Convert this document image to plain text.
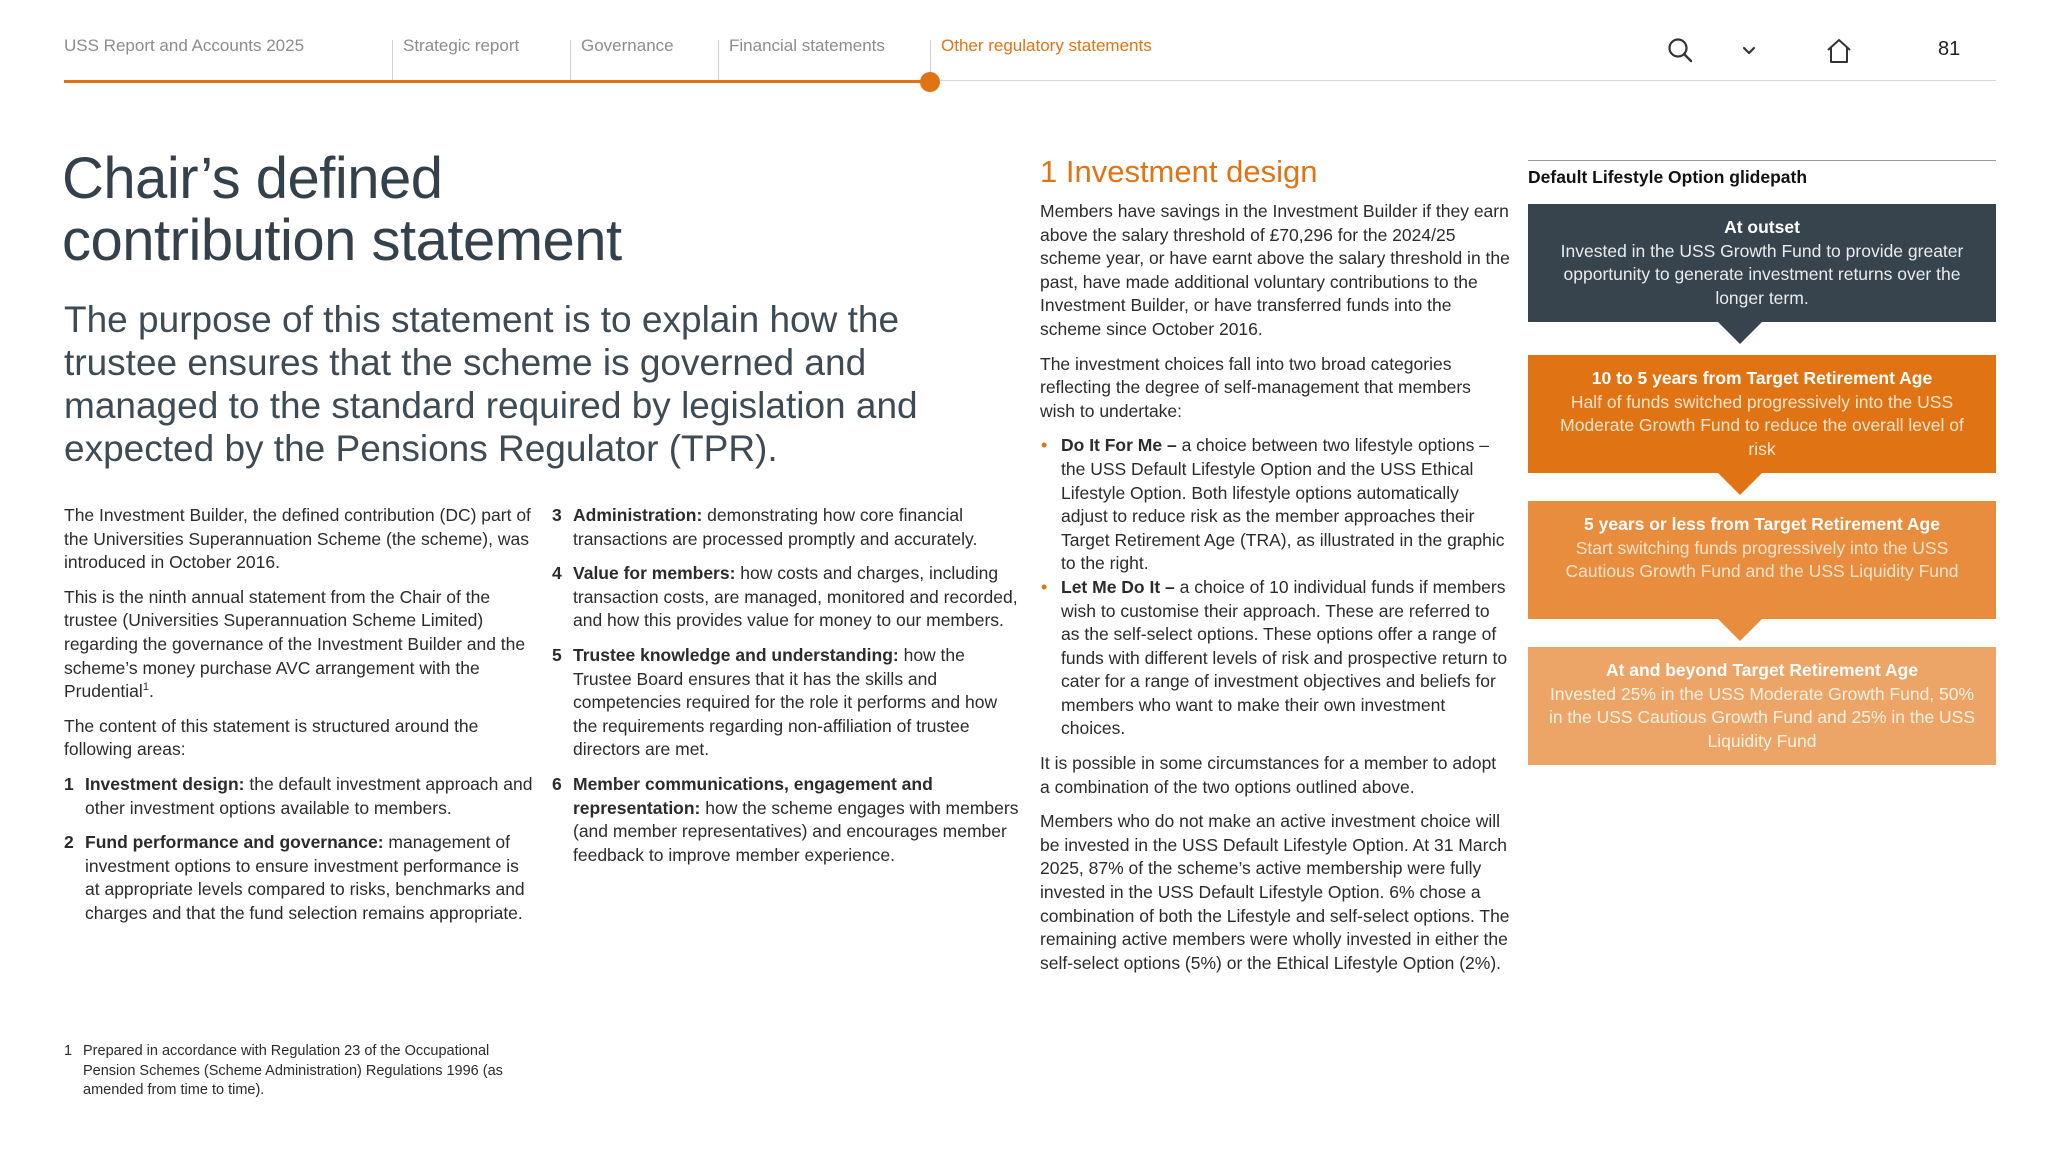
USS Report and Accounts 2025	Strategic report	Governance	Financial statements	Other regulatory statements	81
Chair’s defined
contribution statement
The purpose of this statement is to explain how the trustee ensures that the scheme is governed and managed to the standard required by legislation and expected by the Pensions Regulator (TPR).

The Investment Builder, the defined contribution (DC) part of the Universities Superannuation Scheme (the scheme), was introduced in October 2016.

This is the ninth annual statement from the Chair of the trustee (Universities Superannuation Scheme Limited) regarding the governance of the Investment Builder and the scheme’s money purchase AVC arrangement with the Prudential$^1$.

The content of this statement is structured around the following areas:

1 Investment design: the default investment approach and other investment options available to members.
2 Fund performance and governance: management of investment options to ensure investment performance is at appropriate levels compared to risks, benchmarks and charges and that the fund selection remains appropriate.
3 Administration: demonstrating how core financial transactions are processed promptly and accurately.
4 Value for members: how costs and charges, including transaction costs, are managed, monitored and recorded, and how this provides value for money to our members.
5 Trustee knowledge and understanding: how the Trustee Board ensures that it has the skills and competencies required for the role it performs and how the requirements regarding non-affiliation of trustee directors are met.
6 Member communications, engagement and representation: how the scheme engages with members (and member representatives) and encourages member feedback to improve member experience.
1 Prepared in accordance with Regulation 23 of the Occupational Pension Schemes (Scheme Administration) Regulations 1996 (as amended from time to time).
1 Investment design

Members have savings in the Investment Builder if they earn above the salary threshold of £70,296 for the 2024/25 scheme year, or have earnt above the salary threshold in the past, have made additional voluntary contributions to the Investment Builder, or have transferred funds into the scheme since October 2016.

The investment choices fall into two broad categories reflecting the degree of self-management that members wish to undertake:

• Do It For Me – a choice between two lifestyle options – the USS Default Lifestyle Option and the USS Ethical Lifestyle Option. Both lifestyle options automatically adjust to reduce risk as the member approaches their Target Retirement Age (TRA), as illustrated in the graphic to the right.
• Let Me Do It – a choice of 10 individual funds if members wish to customise their approach. These are referred to as the self-select options. These options offer a range of funds with different levels of risk and prospective return to cater for a range of investment objectives and beliefs for members who want to make their own investment choices.

It is possible in some circumstances for a member to adopt a combination of the two options outlined above.

Members who do not make an active investment choice will be invested in the USS Default Lifestyle Option. At 31 March 2025, 87% of the scheme’s active membership were fully invested in the USS Default Lifestyle Option. 6% chose a combination of both the Lifestyle and self-select options. The remaining active members were wholly invested in either the self-select options (5%) or the Ethical Lifestyle Option (2%).

Default Lifestyle Option glidepath
At outset
Invested in the USS Growth Fund to provide greater opportunity to generate investment returns over the longer term.
10 to 5 years from Target Retirement Age
Half of funds switched progressively into the USS Moderate Growth Fund to reduce the overall level of risk
5 years or less from Target Retirement Age
Start switching funds progressively into the USS Cautious Growth Fund and the USS Liquidity Fund
At and beyond Target Retirement Age
Invested 25% in the USS Moderate Growth Fund, 50% in the USS Cautious Growth Fund and 25% in the USS Liquidity Fund
